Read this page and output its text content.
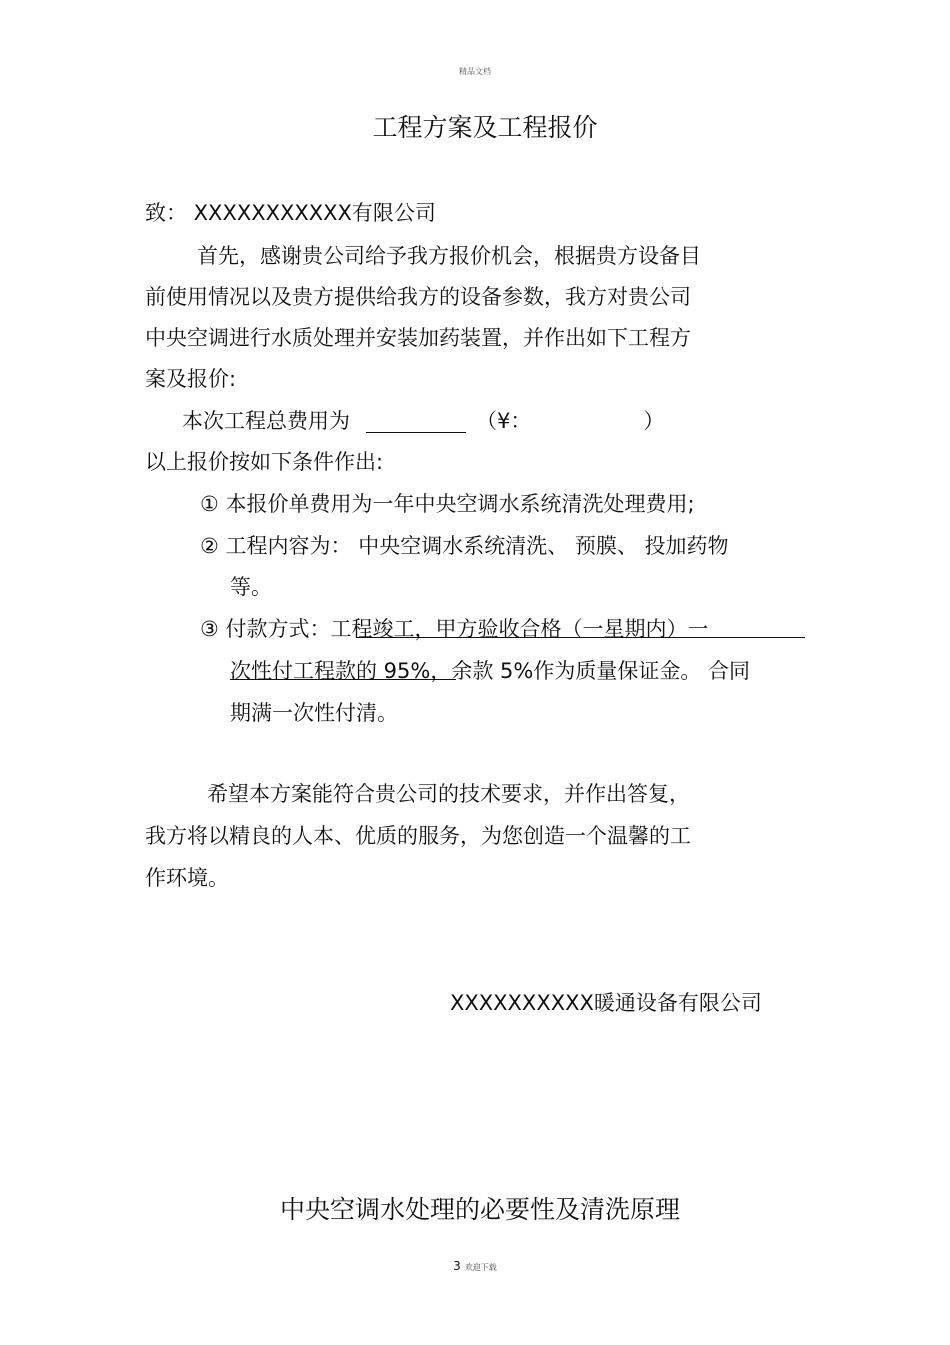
精品文档
工程方案及工程报价
致： XXXXXXXXXXX有限公司
首先，感谢贵公司给予我方报价机会，根据贵方设备目
前使用情况以及贵方提供给我方的设备参数，我方对贵公司
中央空调进行水质处理并安装加药装置，并作出如下工程方
案及报价:
本次工程总费用为	（¥：	）
以上报价按如下条件作出:
① 本报价单费用为一年中央空调水系统清洗处理费用;
② 工程内容为： 中央空调水系统清洗、 预膜、 投加药物
等。
③ 付款方式：工程竣工，甲方验收合格（一星期内）一
次性付工程款的 95%，余款 5%作为质量保证金。 合同
期满一次性付清。
希望本方案能符合贵公司的技术要求，并作出答复，
我方将以精良的人本、优质的服务，为您创造一个温馨的工
作环境。
XXXXXXXXXX暖通设备有限公司
中央空调水处理的必要性及清洗原理
3 欢迎下载
